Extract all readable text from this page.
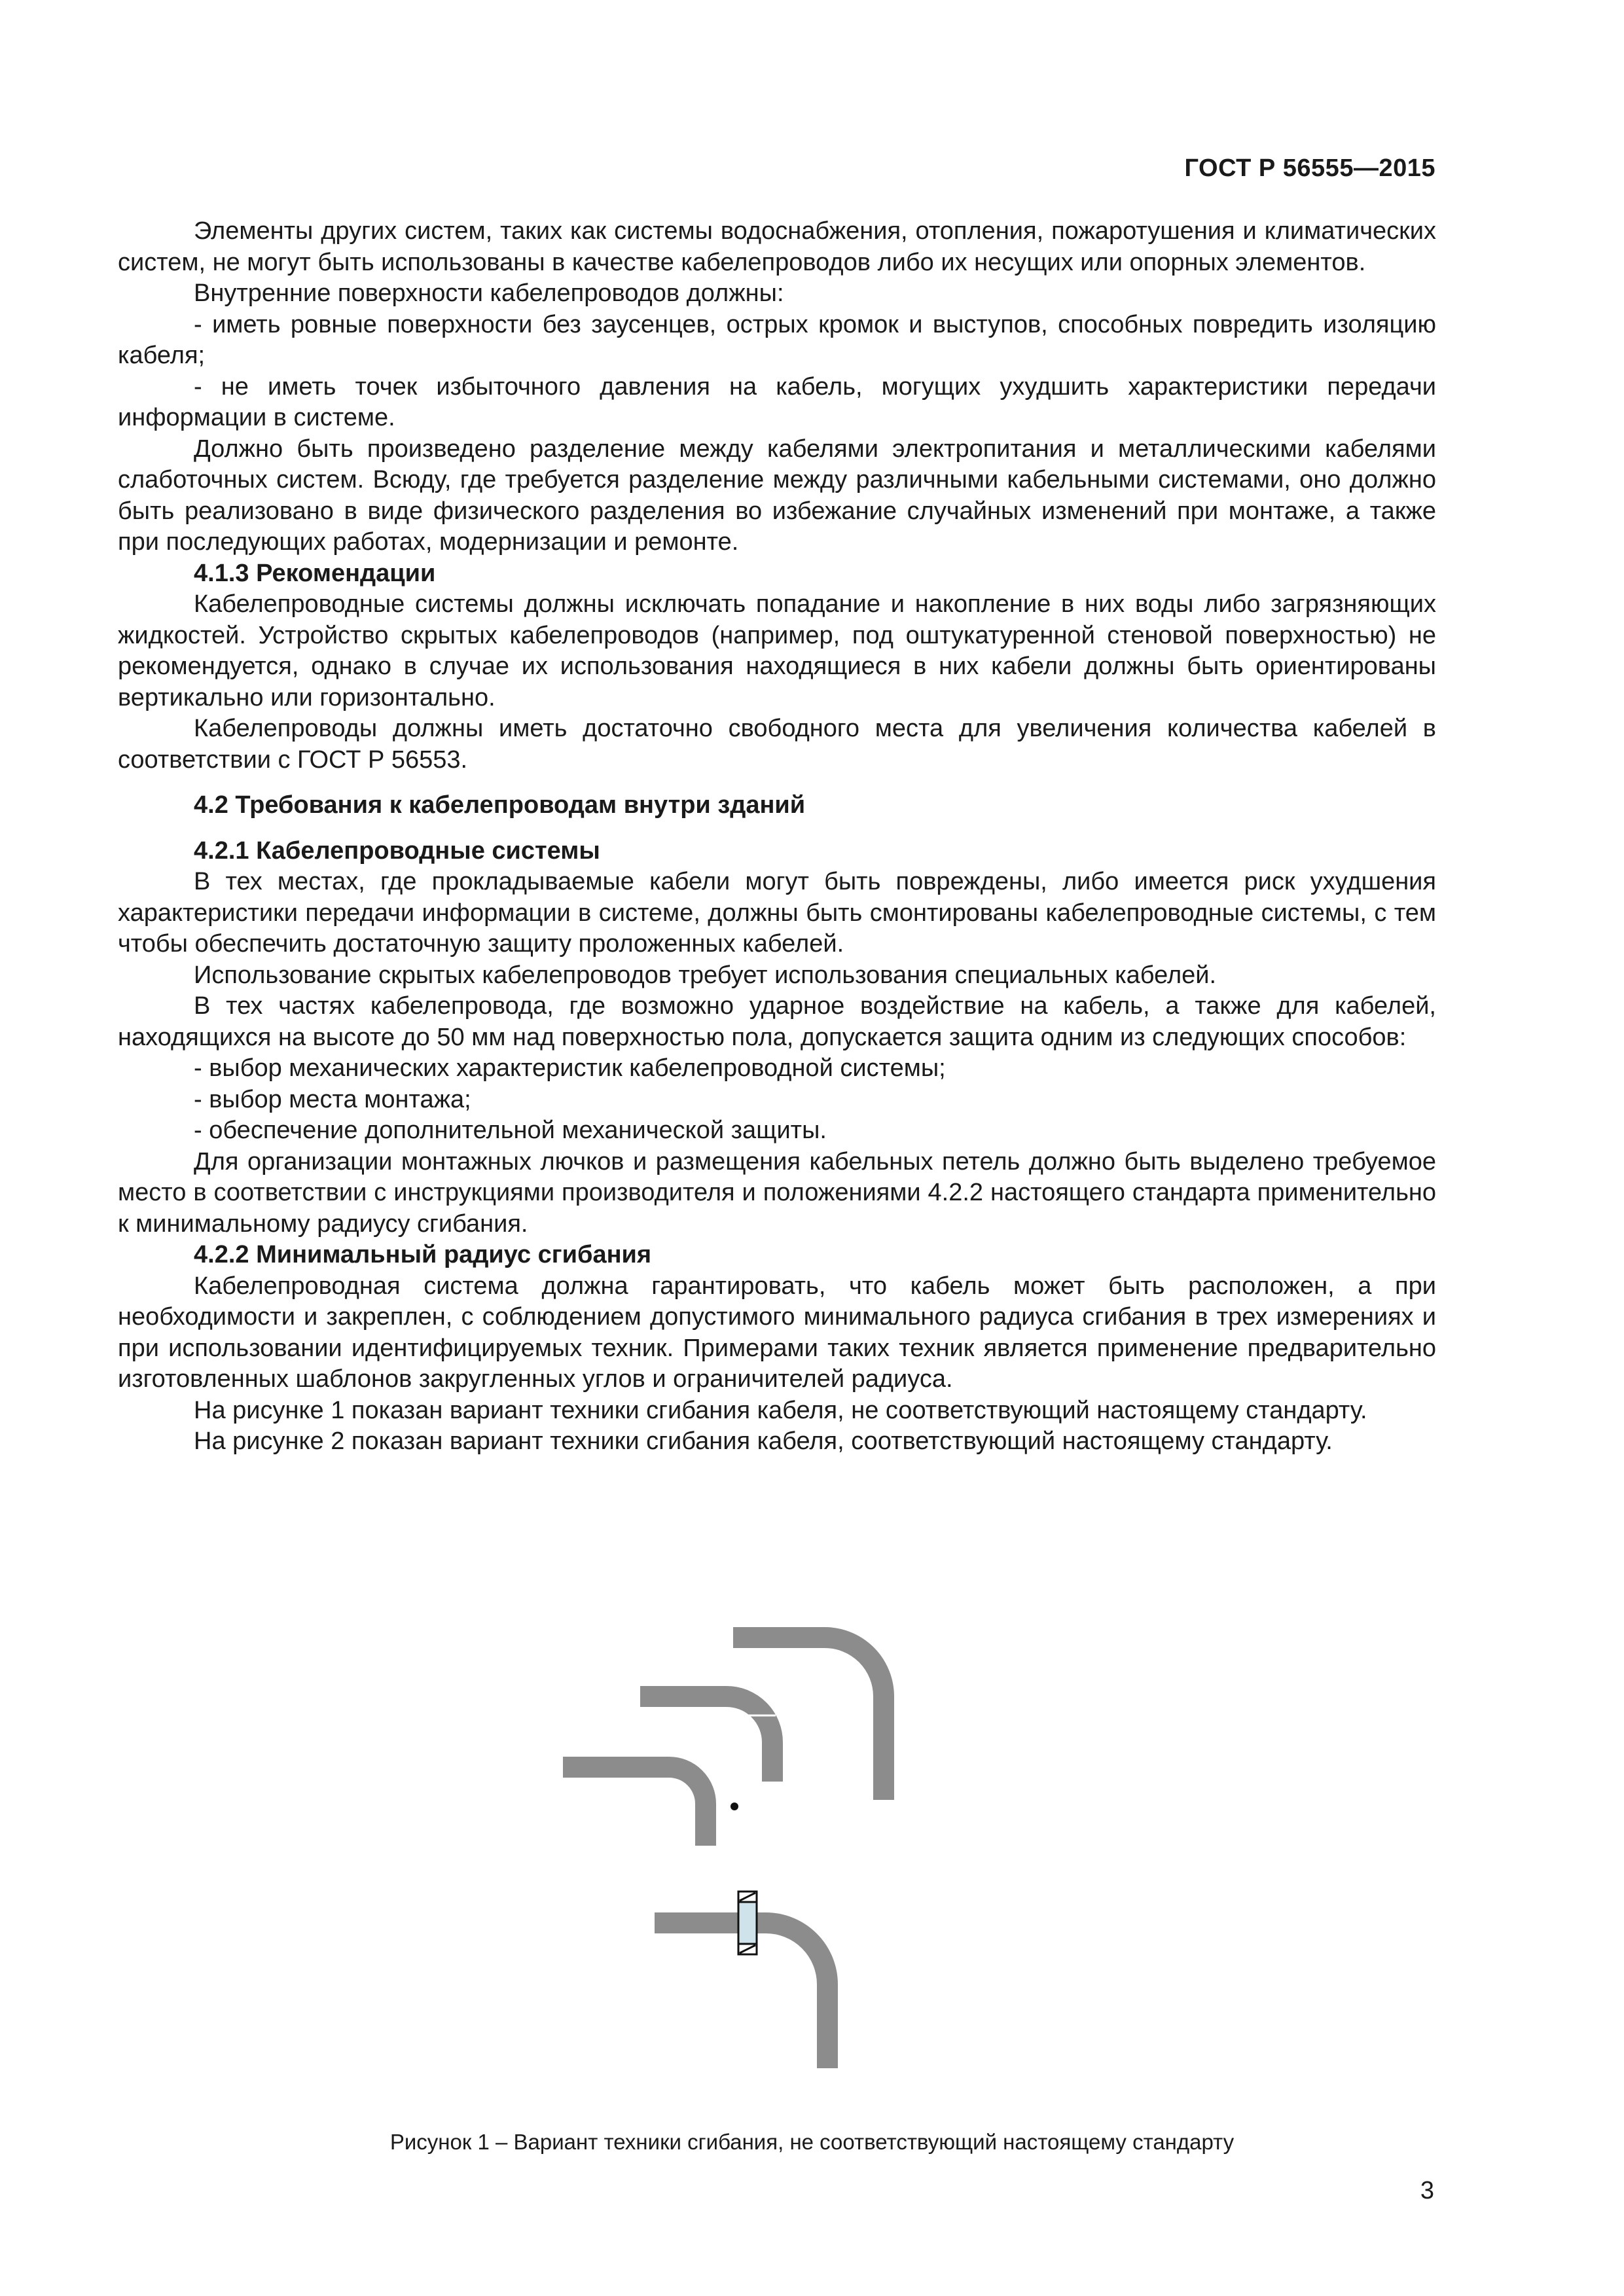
ГОСТ Р 56555—2015

Элементы других систем, таких как системы водоснабжения, отопления, пожаротушения и климатических систем, не могут быть использованы в качестве кабелепроводов либо их несущих или опорных элементов.

Внутренние поверхности кабелепроводов должны:

- иметь ровные поверхности без заусенцев, острых кромок и выступов, способных повредить изоляцию кабеля;

- не иметь точек избыточного давления на кабель, могущих ухудшить характеристики передачи информации в системе.

Должно быть произведено разделение между кабелями электропитания и металлическими кабелями слаботочных систем. Всюду, где требуется разделение между различными кабельными системами, оно должно быть реализовано в виде физического разделения во избежание случайных изменений при монтаже, а также при последующих работах, модернизации и ремонте.

4.1.3 Рекомендации

Кабелепроводные системы должны исключать попадание и накопление в них воды либо загрязняющих жидкостей. Устройство скрытых кабелепроводов (например, под оштукатуренной стеновой поверхностью) не рекомендуется, однако в случае их использования находящиеся в них кабели должны быть ориентированы вертикально или горизонтально.

Кабелепроводы должны иметь достаточно свободного места для увеличения количества кабелей в соответствии с ГОСТ Р 56553.

4.2 Требования к кабелепроводам внутри зданий
4.2.1 Кабелепроводные системы

В тех местах, где прокладываемые кабели могут быть повреждены, либо имеется риск ухудшения характеристики передачи информации в системе, должны быть смонтированы кабелепроводные системы, с тем чтобы обеспечить достаточную защиту проложенных кабелей.

Использование скрытых кабелепроводов требует использования специальных кабелей.

В тех частях кабелепровода, где возможно ударное воздействие на кабель, а также для кабелей, находящихся на высоте до 50 мм над поверхностью пола, допускается защита одним из следующих способов:

- выбор механических характеристик кабелепроводной системы;

- выбор места монтажа;

- обеспечение дополнительной механической защиты.

Для организации монтажных лючков и размещения кабельных петель должно быть выделено требуемое место в соответствии с инструкциями производителя и положениями 4.2.2 настоящего стандарта применительно к минимальному радиусу сгибания.

4.2.2 Минимальный радиус сгибания

Кабелепроводная система должна гарантировать, что кабель может быть расположен, а при необходимости и закреплен, с соблюдением допустимого минимального радиуса сгибания в трех измерениях и при использовании идентифицируемых техник. Примерами таких техник является применение предварительно изготовленных шаблонов закругленных углов и ограничителей радиуса.

На рисунке 1 показан вариант техники сгибания кабеля, не соответствующий настоящему стандарту.

На рисунке 2 показан вариант техники сгибания кабеля, соответствующий настоящему стандарту.

Рисунок 1 – Вариант техники сгибания, не соответствующий настоящему стандарту
3
